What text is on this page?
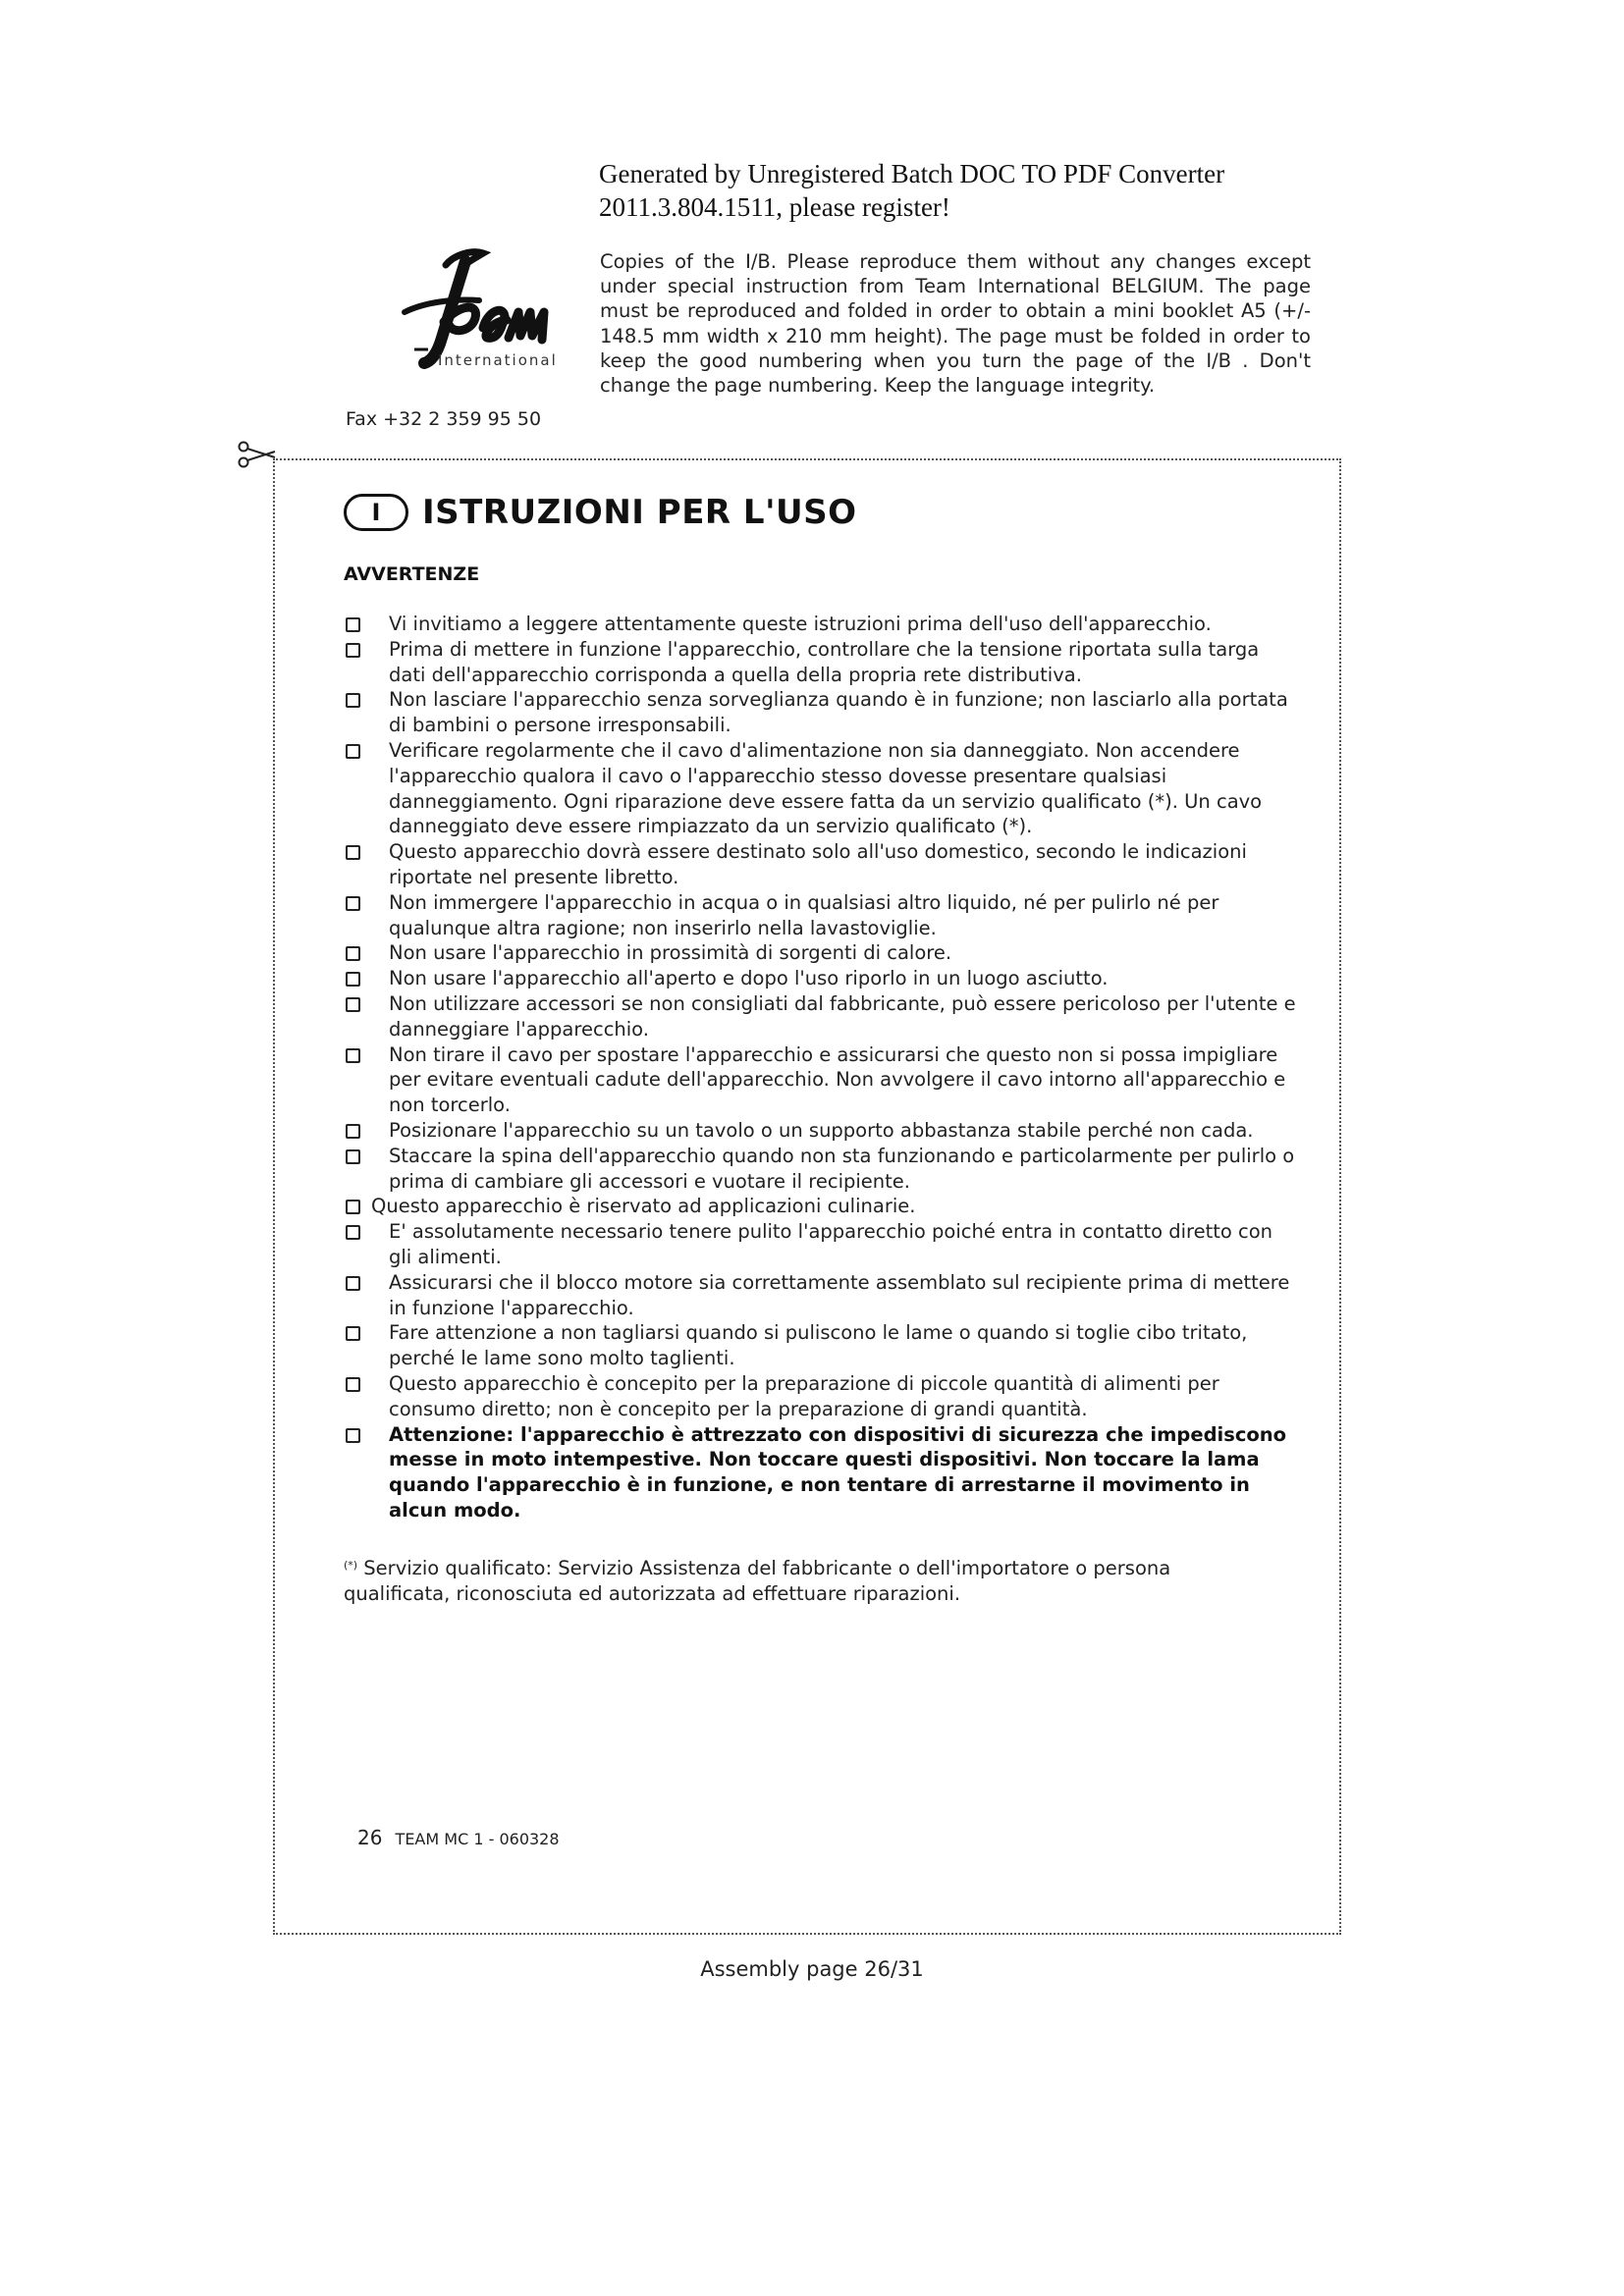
Generated by Unregistered Batch DOC TO PDF Converter
2011.3.804.1511, please register!
International
Fax +32 2 359 95 50
Copies of the I/B. Please reproduce them without any changes except under special instruction from Team International BELGIUM. The page must be reproduced and folded in order to obtain a mini booklet A5 (+/- 148.5 mm width x 210 mm height). The page must be folded in order to keep the good numbering when you turn the page of the I/B . Don't change the page numbering. Keep the language integrity.
I	ISTRUZIONI PER L'USO
AVVERTENZE
Vi invitiamo a leggere attentamente queste istruzioni prima dell'uso dell'apparecchio.
Prima di mettere in funzione l'apparecchio, controllare che la tensione riportata sulla targa dati dell'apparecchio corrisponda a quella della propria rete distributiva.
Non lasciare l'apparecchio senza sorveglianza quando è in funzione; non lasciarlo alla portata di bambini o persone irresponsabili.
Verificare regolarmente che il cavo d'alimentazione non sia danneggiato. Non accendere l'apparecchio qualora il cavo o l'apparecchio stesso dovesse presentare qualsiasi danneggiamento. Ogni riparazione deve essere fatta da un servizio qualificato (*). Un cavo danneggiato deve essere rimpiazzato da un servizio qualificato (*).
Questo apparecchio dovrà essere destinato solo all'uso domestico, secondo le indicazioni riportate nel presente libretto.
Non immergere l'apparecchio in acqua o in qualsiasi altro liquido, né per pulirlo né per qualunque altra ragione; non inserirlo nella lavastoviglie.
Non usare l'apparecchio in prossimità di sorgenti di calore.
Non usare l'apparecchio all'aperto e dopo l'uso riporlo in un luogo asciutto.
Non utilizzare accessori se non consigliati dal fabbricante, può essere pericoloso per l'utente e danneggiare l'apparecchio.
Non tirare il cavo per spostare l'apparecchio e assicurarsi che questo non si possa impigliare per evitare eventuali cadute dell'apparecchio. Non avvolgere il cavo intorno all'apparecchio e non torcerlo.
Posizionare l'apparecchio su un tavolo o un supporto abbastanza stabile perché non cada.
Staccare la spina dell'apparecchio quando non sta funzionando e particolarmente per pulirlo o prima di cambiare gli accessori e vuotare il recipiente.
Questo apparecchio è riservato ad applicazioni culinarie.
E' assolutamente necessario tenere pulito l'apparecchio poiché entra in contatto diretto con gli alimenti.
Assicurarsi che il blocco motore sia correttamente assemblato sul recipiente prima di mettere in funzione l'apparecchio.
Fare attenzione a non tagliarsi quando si puliscono le lame o quando si toglie cibo tritato, perché le lame sono molto taglienti.
Questo apparecchio è concepito per la preparazione di piccole quantità di alimenti per consumo diretto; non è concepito per la preparazione di grandi quantità.
Attenzione: l'apparecchio è attrezzato con dispositivi di sicurezza che impediscono messe in moto intempestive. Non toccare questi dispositivi. Non toccare la lama quando l'apparecchio è in funzione, e non tentare di arrestarne il movimento in alcun modo.
(*) Servizio qualificato: Servizio Assistenza del fabbricante o dell'importatore o persona qualificata, riconosciuta ed autorizzata ad effettuare riparazioni.
26 TEAM MC 1 - 060328
Assembly page 26/31
